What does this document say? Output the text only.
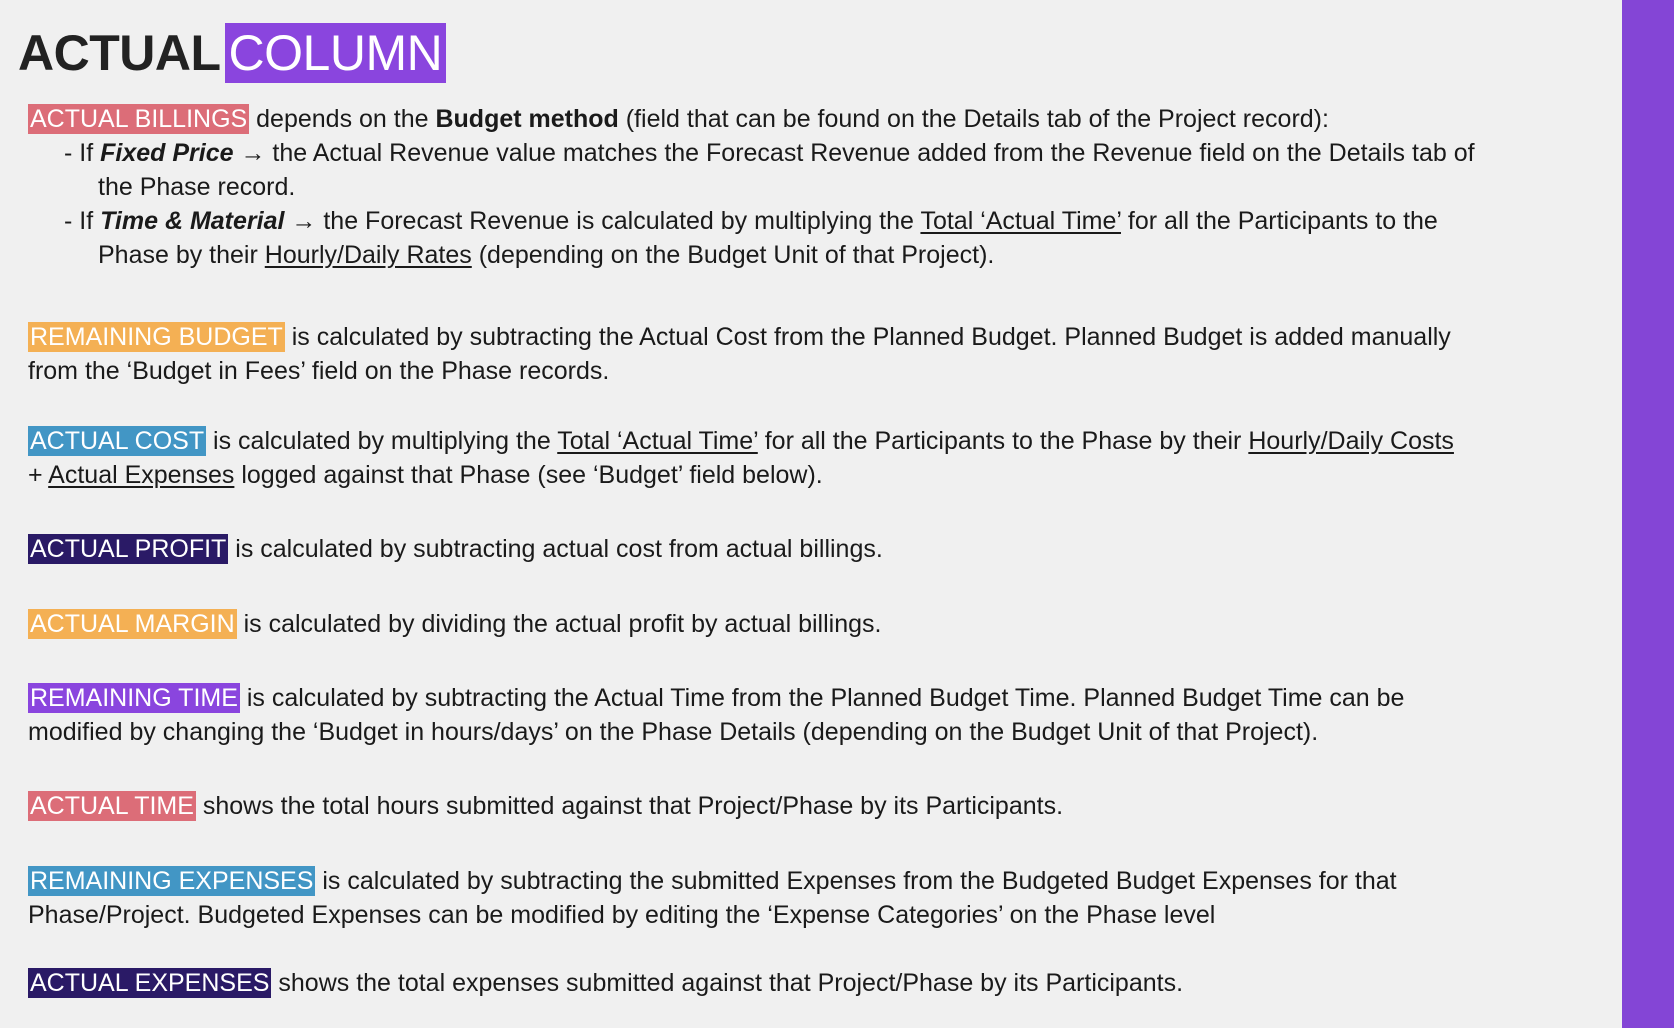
ACTUAL COLUMN
ACTUAL BILLINGS depends on the Budget method (field that can be found on the Details tab of the Project record):
- If Fixed Price → the Actual Revenue value matches the Forecast Revenue added from the Revenue field on the Details tab of
the Phase record.
- If Time & Material → the Forecast Revenue is calculated by multiplying the Total ‘Actual Time’ for all the Participants to the
Phase by their Hourly/Daily Rates (depending on the Budget Unit of that Project).
REMAINING BUDGET is calculated by subtracting the Actual Cost from the Planned Budget. Planned Budget is added manually
from the ‘Budget in Fees’ field on the Phase records.
ACTUAL COST is calculated by multiplying the Total ‘Actual Time’ for all the Participants to the Phase by their Hourly/Daily Costs
+ Actual Expenses logged against that Phase (see ‘Budget’ field below).
ACTUAL PROFIT is calculated by subtracting actual cost from actual billings.
ACTUAL MARGIN is calculated by dividing the actual profit by actual billings.
REMAINING TIME is calculated by subtracting the Actual Time from the Planned Budget Time. Planned Budget Time can be
modified by changing the ‘Budget in hours/days’ on the Phase Details (depending on the Budget Unit of that Project).
ACTUAL TIME shows the total hours submitted against that Project/Phase by its Participants.
REMAINING EXPENSES is calculated by subtracting the submitted Expenses from the Budgeted Budget Expenses for that
Phase/Project. Budgeted Expenses can be modified by editing the ‘Expense Categories’ on the Phase level
ACTUAL EXPENSES shows the total expenses submitted against that Project/Phase by its Participants.
